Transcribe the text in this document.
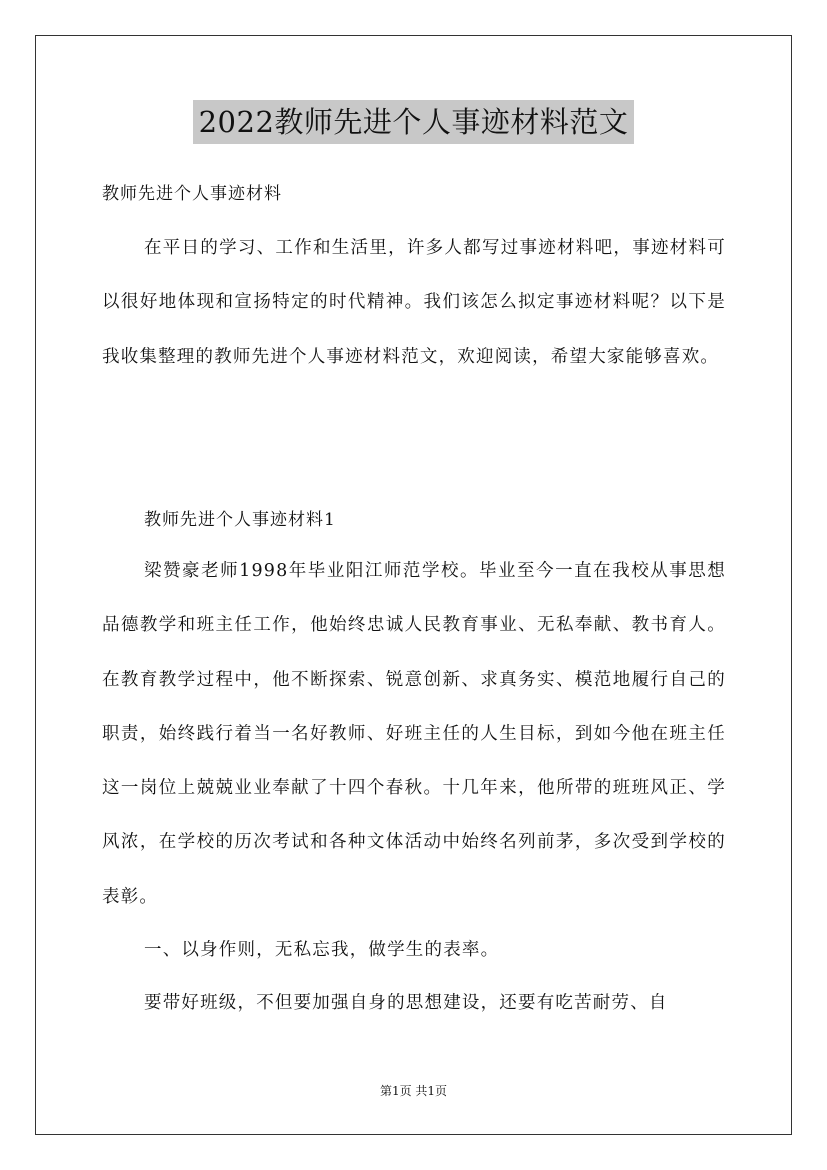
2022教师先进个人事迹材料范文
教师先进个人事迹材料

在平日的学习、工作和生活里，许多人都写过事迹材料吧，事迹材料可以很好地体现和宣扬特定的时代精神。我们该怎么拟定事迹材料呢？以下是我收集整理的教师先进个人事迹材料范文，欢迎阅读，希望大家能够喜欢。

教师先进个人事迹材料1

梁赞豪老师1998年毕业阳江师范学校。毕业至今一直在我校从事思想品德教学和班主任工作，他始终忠诚人民教育事业、无私奉献、教书育人。在教育教学过程中，他不断探索、锐意创新、求真务实、模范地履行自己的职责，始终践行着当一名好教师、好班主任的人生目标，到如今他在班主任这一岗位上兢兢业业奉献了十四个春秋。十几年来，他所带的班班风正、学风浓，在学校的历次考试和各种文体活动中始终名列前茅，多次受到学校的表彰。

一、以身作则，无私忘我，做学生的表率。

要带好班级，不但要加强自身的思想建设，还要有吃苦耐劳、自

第1页 共1页
